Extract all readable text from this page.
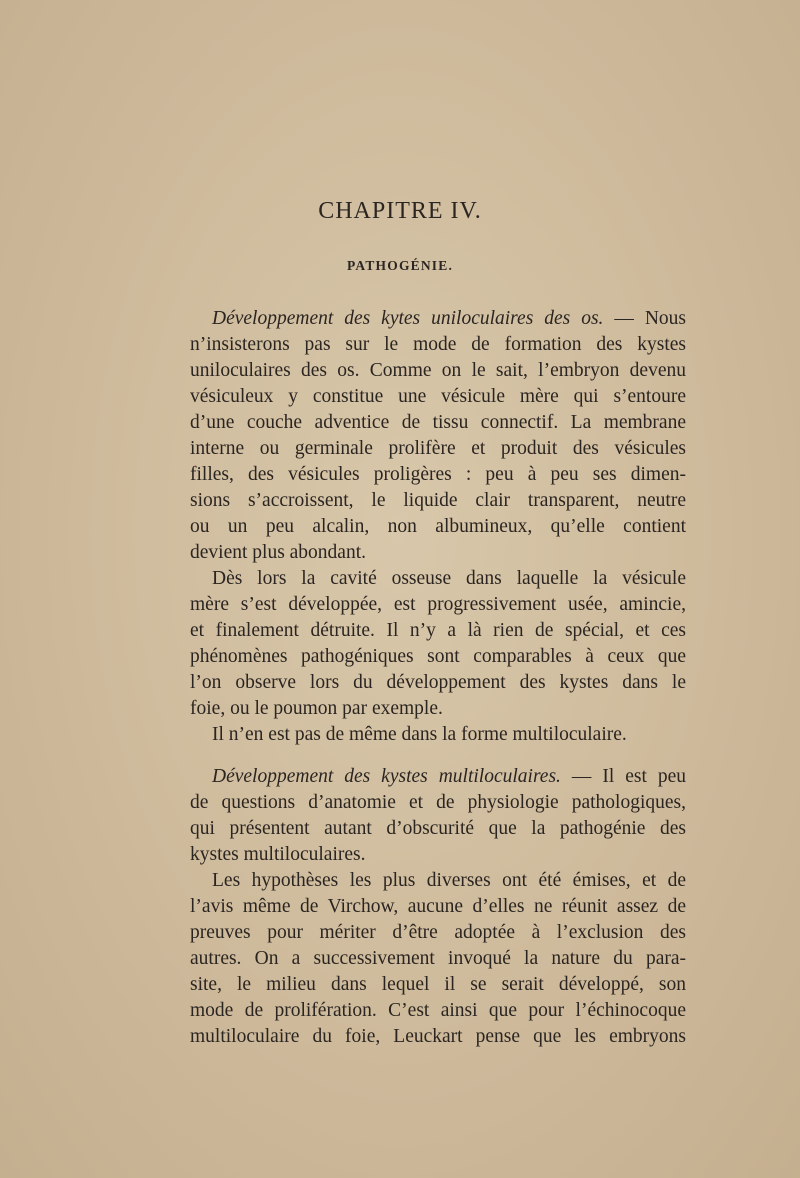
CHAPITRE IV.
PATHOGÉNIE.
Développement des kytes uniloculaires des os. — Nous
n’insisterons pas sur le mode de formation des kystes
uniloculaires des os. Comme on le sait, l’embryon devenu
vésiculeux y constitue une vésicule mère qui s’entoure
d’une couche adventice de tissu connectif. La membrane
interne ou germinale prolifère et produit des vésicules
filles, des vésicules proligères : peu à peu ses dimen-
sions s’accroissent, le liquide clair transparent, neutre
ou un peu alcalin, non albumineux, qu’elle contient
devient plus abondant.
Dès lors la cavité osseuse dans laquelle la vésicule
mère s’est développée, est progressivement usée, amincie,
et finalement détruite. Il n’y a là rien de spécial, et ces
phénomènes pathogéniques sont comparables à ceux que
l’on observe lors du développement des kystes dans le
foie, ou le poumon par exemple.
Il n’en est pas de même dans la forme multiloculaire.
Développement des kystes multiloculaires. — Il est peu
de questions d’anatomie et de physiologie pathologiques,
qui présentent autant d’obscurité que la pathogénie des
kystes multiloculaires.
Les hypothèses les plus diverses ont été émises, et de
l’avis même de Virchow, aucune d’elles ne réunit assez de
preuves pour mériter d’être adoptée à l’exclusion des
autres. On a successivement invoqué la nature du para-
site, le milieu dans lequel il se serait développé, son
mode de prolifération. C’est ainsi que pour l’échinocoque
multiloculaire du foie, Leuckart pense que les embryons
